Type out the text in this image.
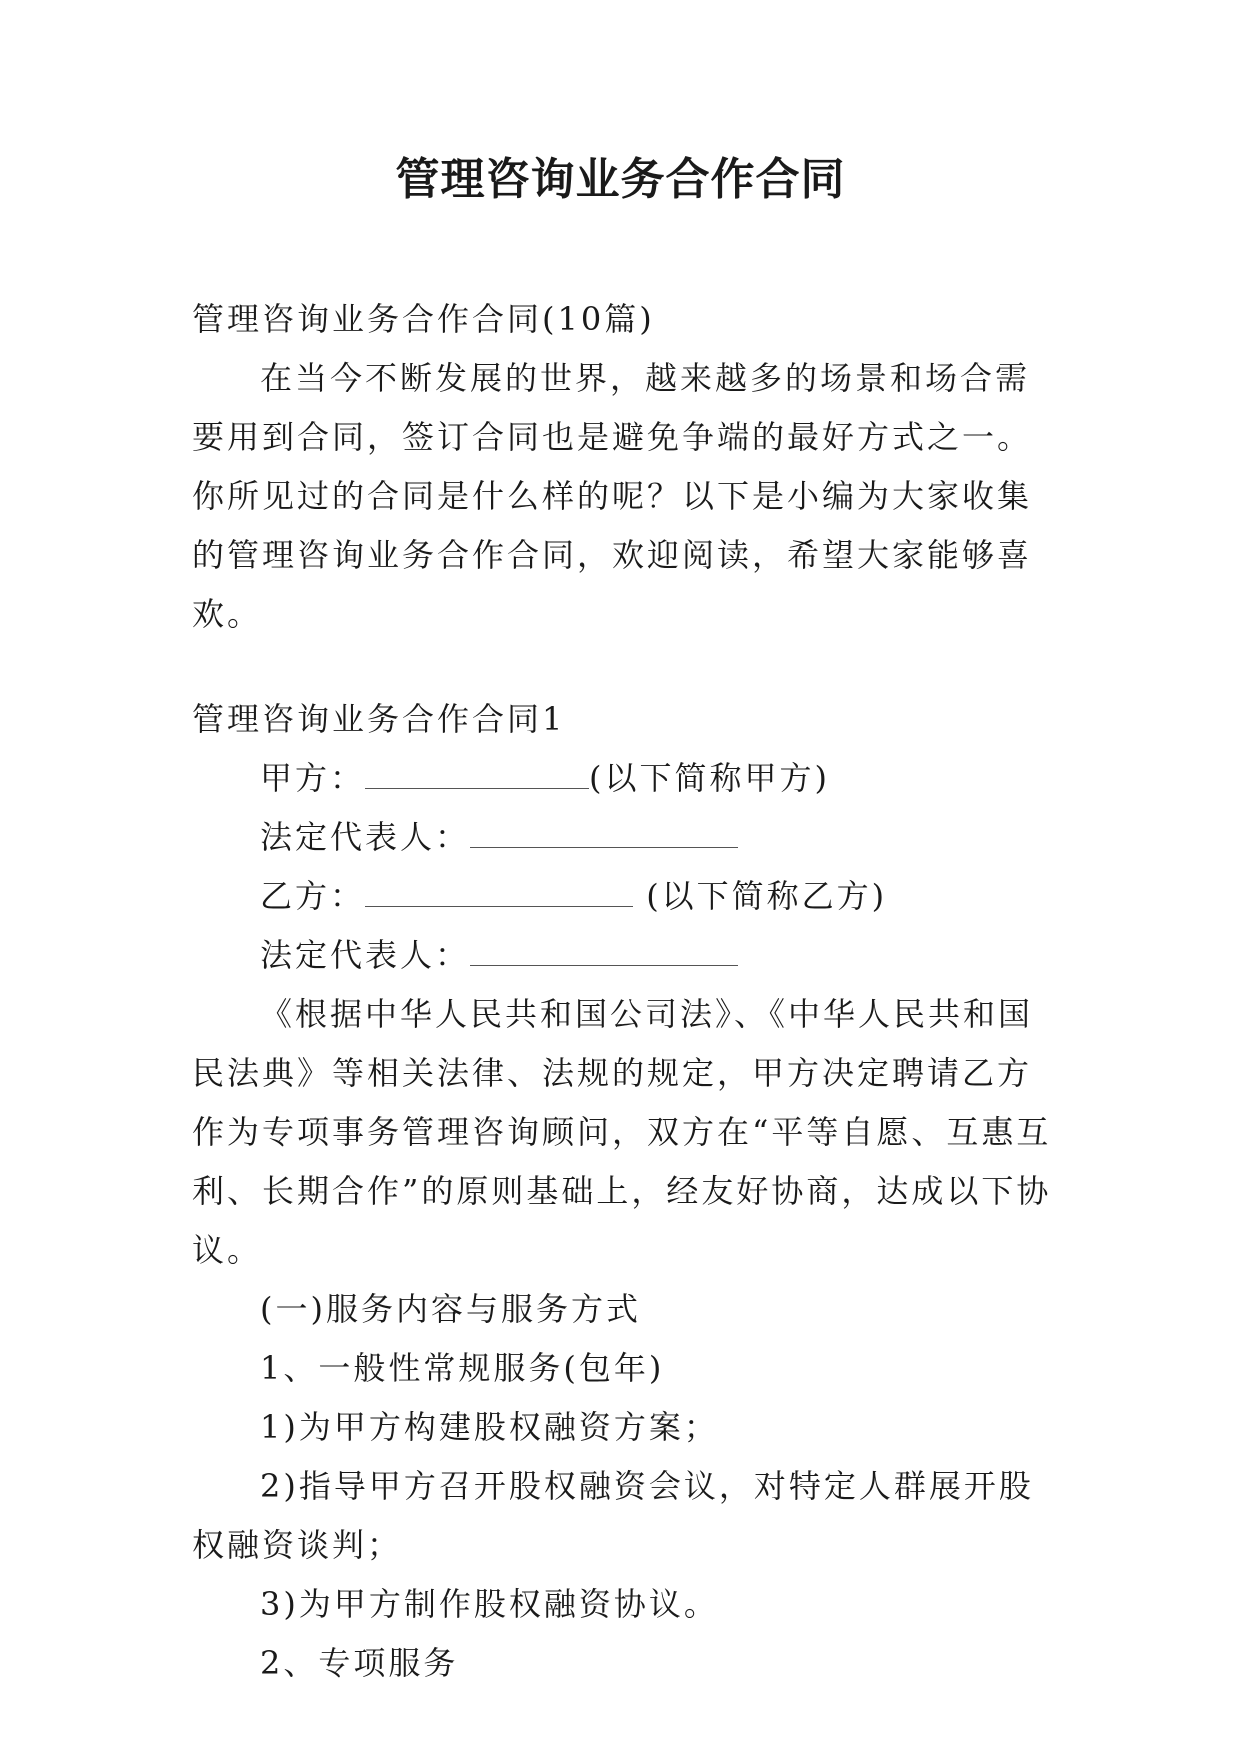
管理咨询业务合作合同

管理咨询业务合作合同(10篇)

在当今不断发展的世界，越来越多的场景和场合需要用到合同，签订合同也是避免争端的最好方式之一。你所见过的合同是什么样的呢？以下是小编为大家收集的管理咨询业务合作合同，欢迎阅读，希望大家能够喜欢。

管理咨询业务合作合同1

甲方：	(以下简称甲方)

法定代表人：

乙方：	(以下简称乙方)

法定代表人：

《根据中华人民共和国公司法》、《中华人民共和国民法典》等相关法律、法规的规定，甲方决定聘请乙方作为专项事务管理咨询顾问，双方在“平等自愿、互惠互利、长期合作”的原则基础上，经友好协商，达成以下协议。

(一)服务内容与服务方式

1、一般性常规服务(包年)

1)为甲方构建股权融资方案；

2)指导甲方召开股权融资会议，对特定人群展开股权融资谈判；

3)为甲方制作股权融资协议。

2、专项服务
